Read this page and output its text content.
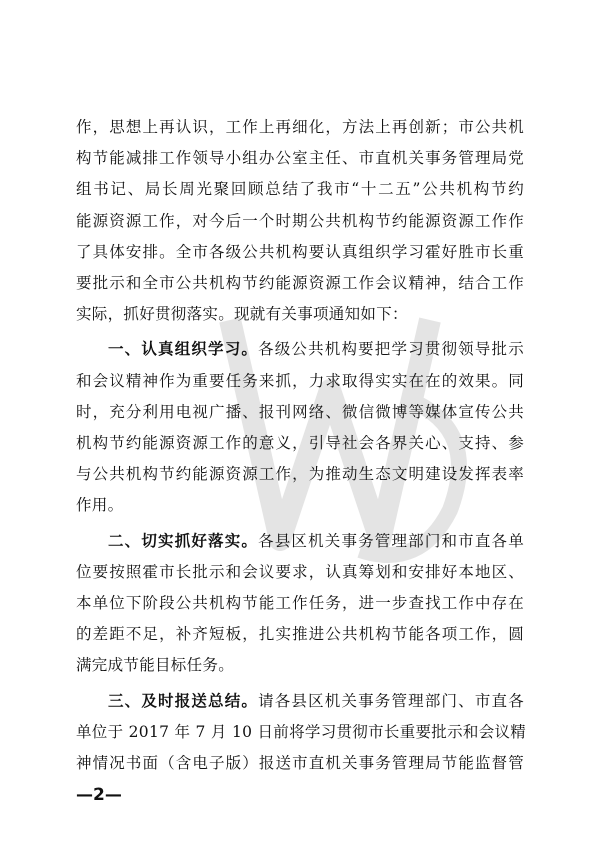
作，思想上再认识，工作上再细化，方法上再创新；市公共机
构节能减排工作领导小组办公室主任、市直机关事务管理局党
组书记、局长周光聚回顾总结了我市“十二五”公共机构节约
能源资源工作，对今后一个时期公共机构节约能源资源工作作
了具体安排。全市各级公共机构要认真组织学习霍好胜市长重
要批示和全市公共机构节约能源资源工作会议精神，结合工作
实际，抓好贯彻落实。现就有关事项通知如下：
一、认真组织学习。各级公共机构要把学习贯彻领导批示
和会议精神作为重要任务来抓，力求取得实实在在的效果。同
时，充分利用电视广播、报刊网络、微信微博等媒体宣传公共
机构节约能源资源工作的意义，引导社会各界关心、支持、参
与公共机构节约能源资源工作，为推动生态文明建设发挥表率
作用。
二、切实抓好落实。各县区机关事务管理部门和市直各单
位要按照霍市长批示和会议要求，认真筹划和安排好本地区、
本单位下阶段公共机构节能工作任务，进一步查找工作中存在
的差距不足，补齐短板，扎实推进公共机构节能各项工作，圆
满完成节能目标任务。
三、及时报送总结。请各县区机关事务管理部门、市直各
单位于 2017 年 7 月 10 日前将学习贯彻市长重要批示和会议精
神情况书面（含电子版）报送市直机关事务管理局节能监督管
—2—
